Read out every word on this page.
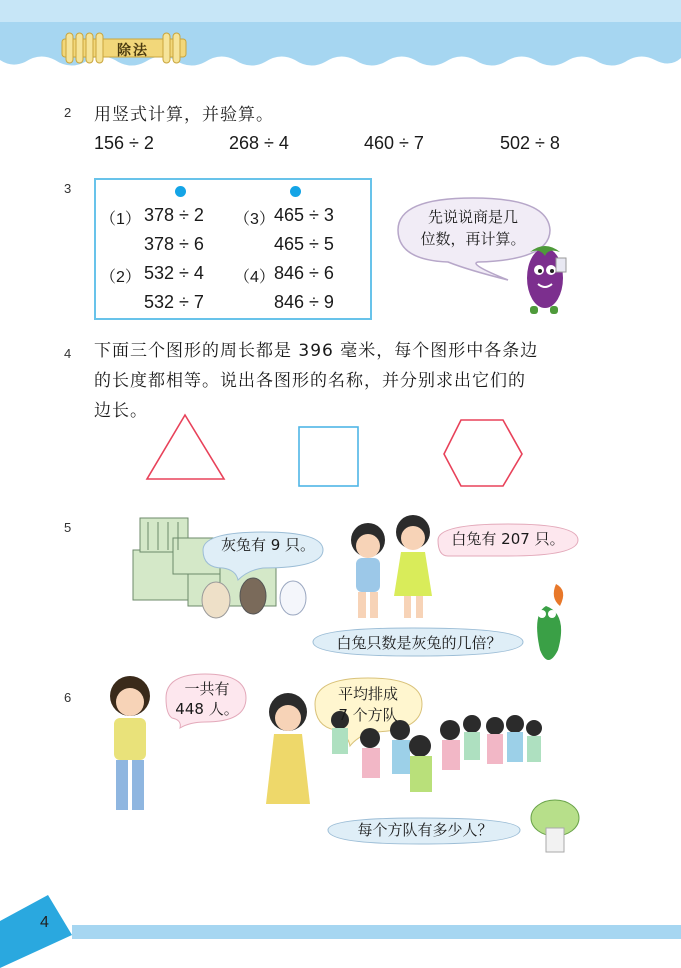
除法
2 用竖式计算，并验算。
156 ÷ 2	268 ÷ 4	460 ÷ 7	502 ÷ 8
3
（1） 378 ÷ 2 （3） 465 ÷ 3
378 ÷ 6	465 ÷ 5
（2） 532 ÷ 4 （4） 846 ÷ 6
532 ÷ 7	846 ÷ 9
先说说商是几
位数，再计算。
4 下面三个图形的周长都是 396 毫米，每个图形中各条边
的长度都相等。说出各图形的名称，并分别求出它们的
边长。
5
灰兔有 9 只。	白兔有 207 只。
白兔只数是灰兔的几倍？
6	一共有
448 人。
平均排成
7 个方队
每个方队有多少人？
4
